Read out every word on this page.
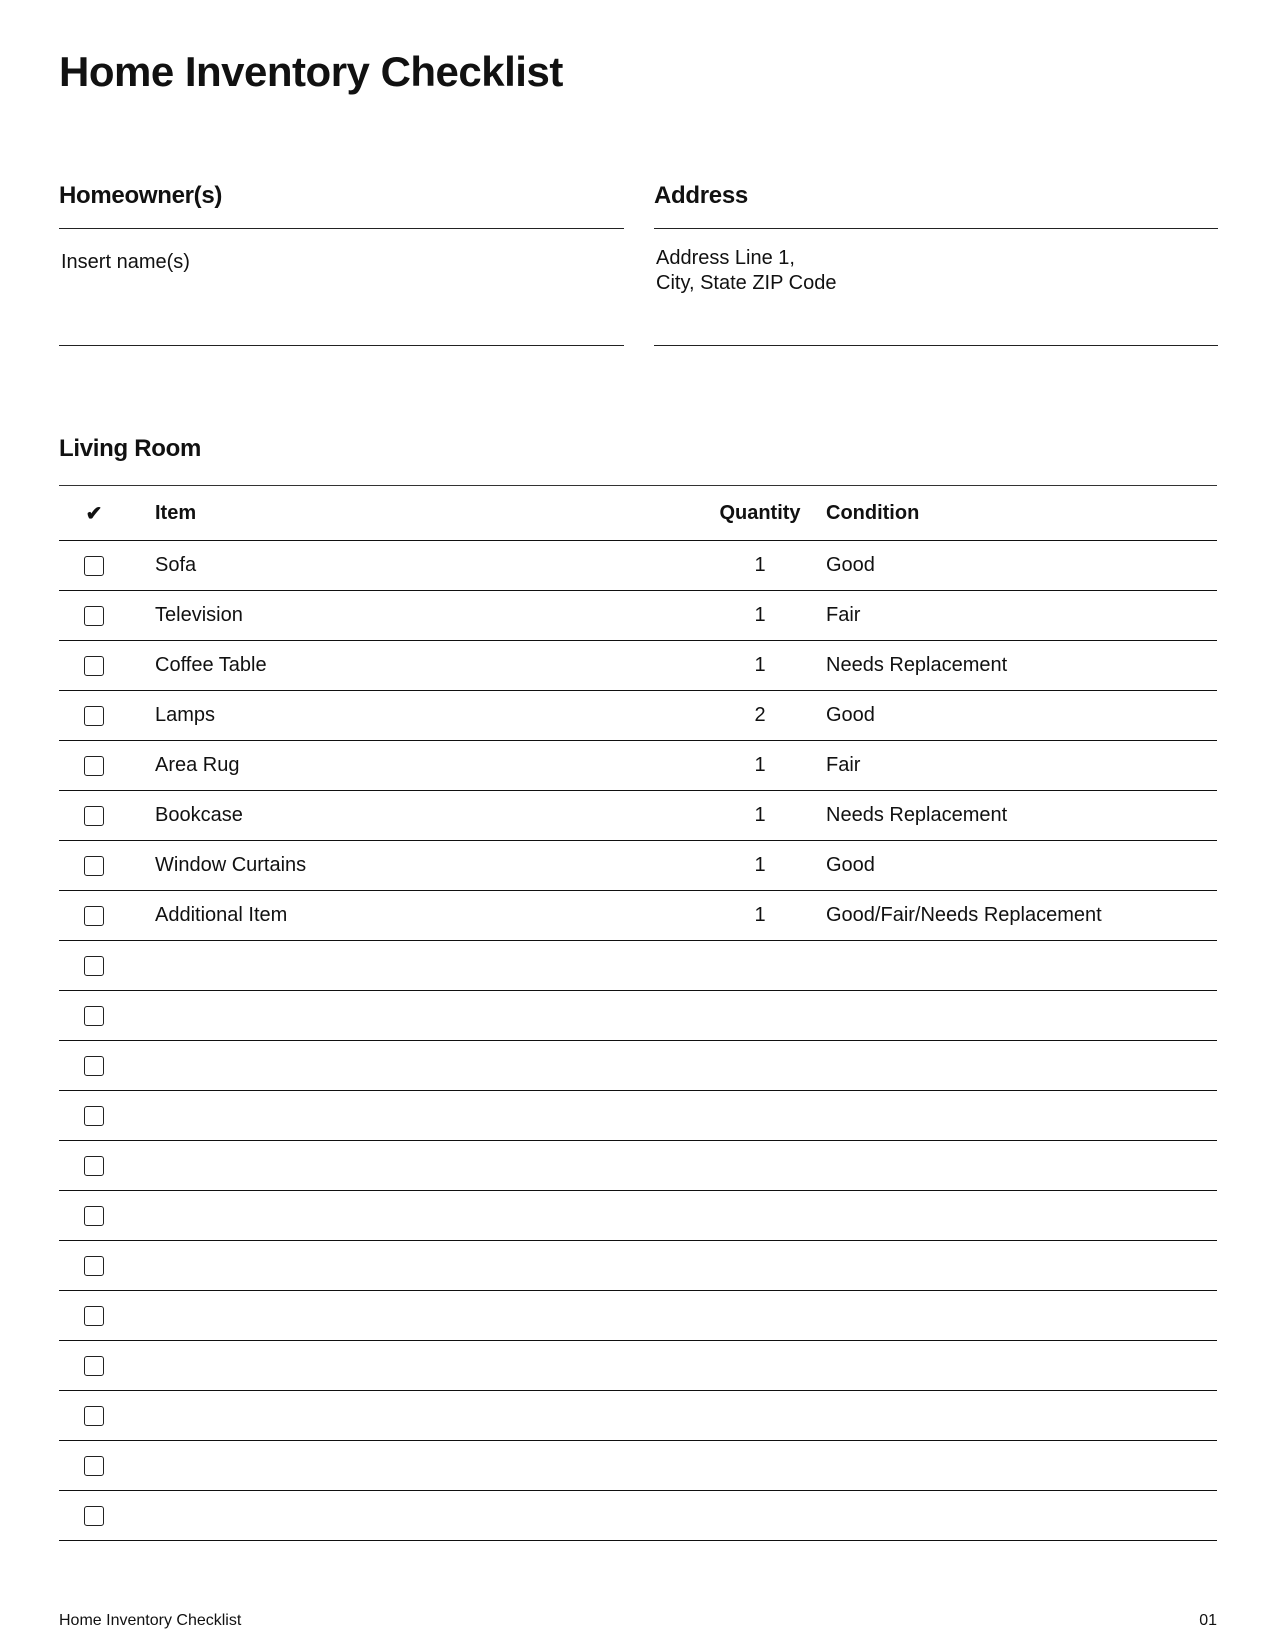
Home Inventory Checklist
Homeowner(s)
Insert name(s)
Address
Address Line 1,
City, State ZIP Code
Living Room
✔	Item	Quantity	Condition
	Sofa	1	Good
	Television	1	Fair
	Coffee Table	1	Needs Replacement
	Lamps	2	Good
	Area Rug	1	Fair
	Bookcase	1	Needs Replacement
	Window Curtains	1	Good
	Additional Item	1	Good/Fair/Needs Replacement

Home Inventory Checklist	01
